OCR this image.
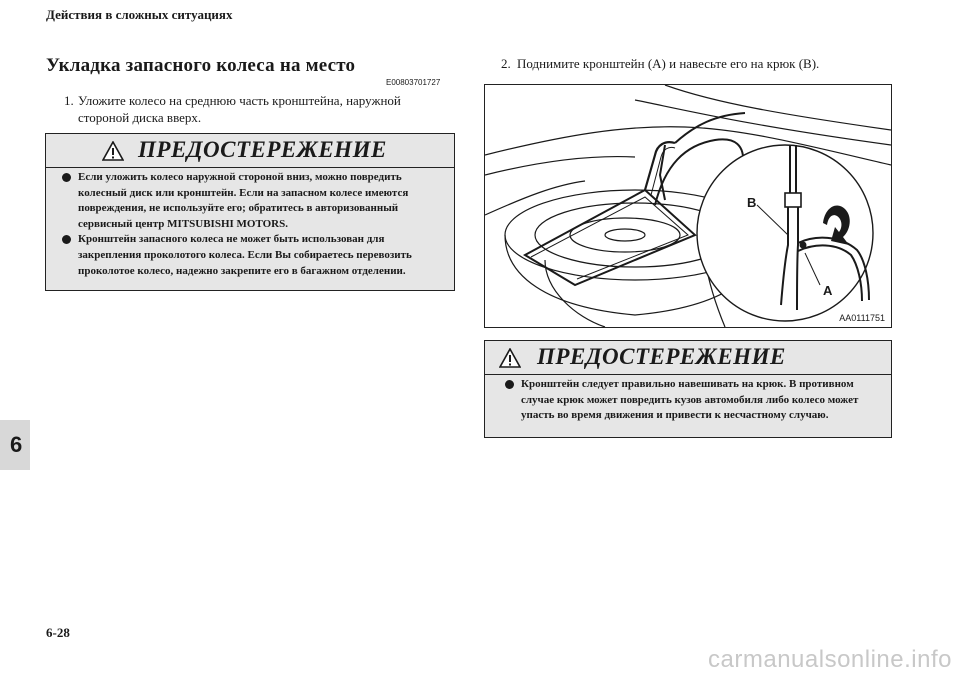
Действия в сложных ситуациях
Укладка запасного колеса на место
E00803701727
1. Уложите колесо на среднюю часть кронштейна, наружной стороной диска вверх.
ПРЕДОСТЕРЕЖЕНИЕ
Если уложить колесо наружной стороной вниз, можно повредить колесный диск или кронштейн. Если на запасном колесе имеются повреждения, не используйте его; обратитесь в авторизованный сервисный центр MITSUBISHI MOTORS.
Кронштейн запасного колеса не может быть использован для закрепления проколотого колеса. Если Вы собираетесь перевозить проколотое колесо, надежно закрепите его в багажном отделении.
2. Поднимите кронштейн (A) и навесьте его на крюк (B).
B
A
AA0111751
ПРЕДОСТЕРЕЖЕНИЕ
Кронштейн следует правильно навешивать на крюк. В противном случае крюк может повредить кузов автомобиля либо колесо может упасть во время движения и привести к несчастному случаю.
6
6-28
carmanualsonline.info
